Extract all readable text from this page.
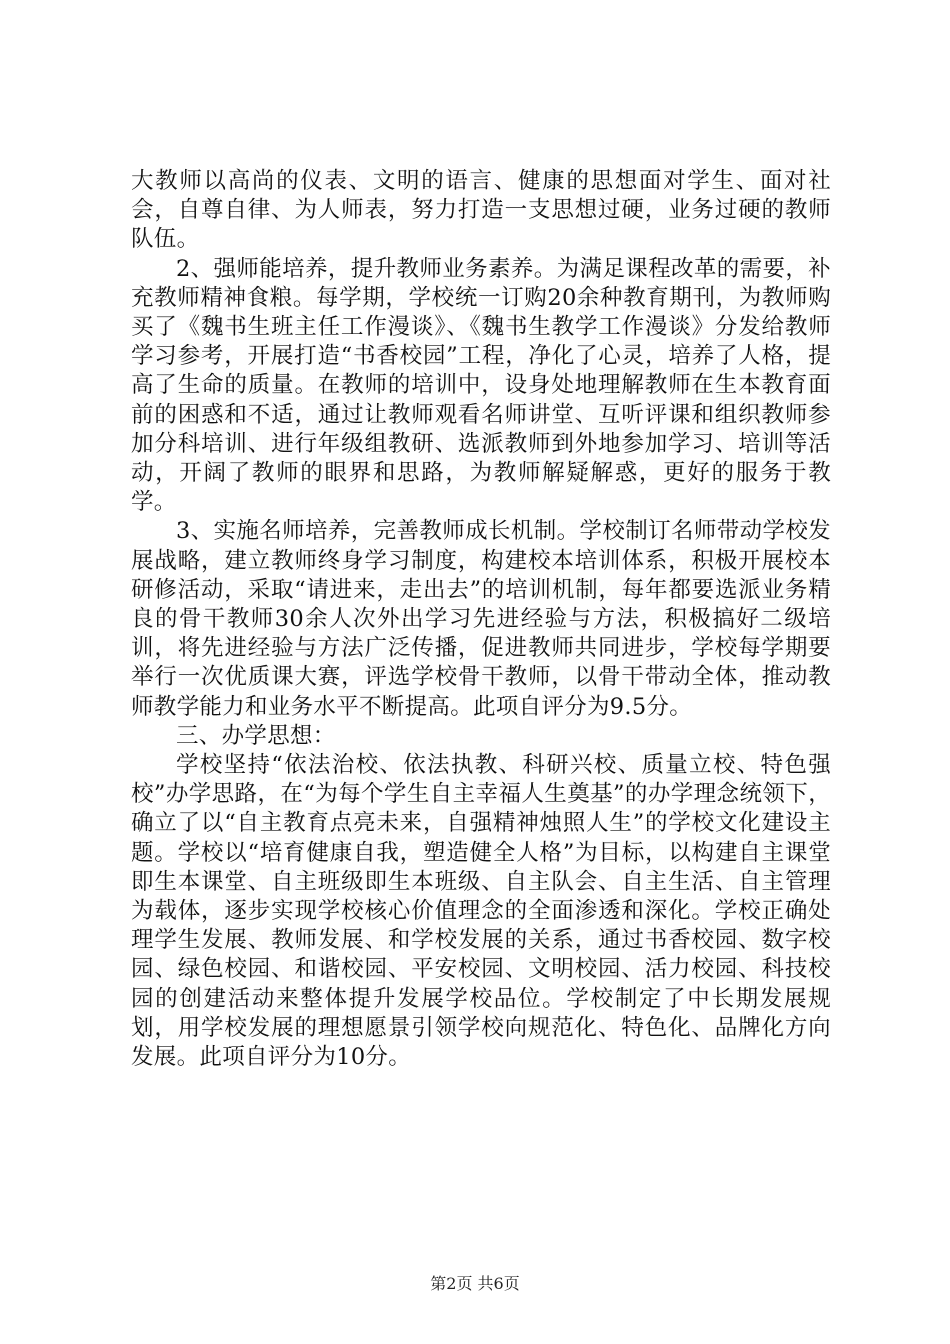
大教师以高尚的仪表、文明的语言、健康的思想面对学生、面对社会，自尊自律、为人师表，努力打造一支思想过硬，业务过硬的教师队伍。

2、强师能培养，提升教师业务素养。为满足课程改革的需要，补充教师精神食粮。每学期，学校统一订购20余种教育期刊，为教师购买了《魏书生班主任工作漫谈》、《魏书生教学工作漫谈》分发给教师学习参考，开展打造“书香校园”工程，净化了心灵，培养了人格，提高了生命的质量。在教师的培训中，设身处地理解教师在生本教育面前的困惑和不适，通过让教师观看名师讲堂、互听评课和组织教师参加分科培训、进行年级组教研、选派教师到外地参加学习、培训等活动，开阔了教师的眼界和思路，为教师解疑解惑，更好的服务于教学。

3、实施名师培养，完善教师成长机制。学校制订名师带动学校发展战略，建立教师终身学习制度，构建校本培训体系，积极开展校本研修活动，采取“请进来，走出去”的培训机制，每年都要选派业务精良的骨干教师30余人次外出学习先进经验与方法，积极搞好二级培训，将先进经验与方法广泛传播，促进教师共同进步，学校每学期要举行一次优质课大赛，评选学校骨干教师，以骨干带动全体，推动教师教学能力和业务水平不断提高。此项自评分为9.5分。

三、办学思想：

学校坚持“依法治校、依法执教、科研兴校、质量立校、特色强校”办学思路，在“为每个学生自主幸福人生奠基”的办学理念统领下，确立了以“自主教育点亮未来，自强精神烛照人生”的学校文化建设主题。学校以“培育健康自我，塑造健全人格”为目标，以构建自主课堂即生本课堂、自主班级即生本班级、自主队会、自主生活、自主管理为载体，逐步实现学校核心价值理念的全面渗透和深化。学校正确处理学生发展、教师发展、和学校发展的关系，通过书香校园、数字校园、绿色校园、和谐校园、平安校园、文明校园、活力校园、科技校园的创建活动来整体提升发展学校品位。学校制定了中长期发展规划，用学校发展的理想愿景引领学校向规范化、特色化、品牌化方向发展。此项自评分为10分。

第2页 共6页
